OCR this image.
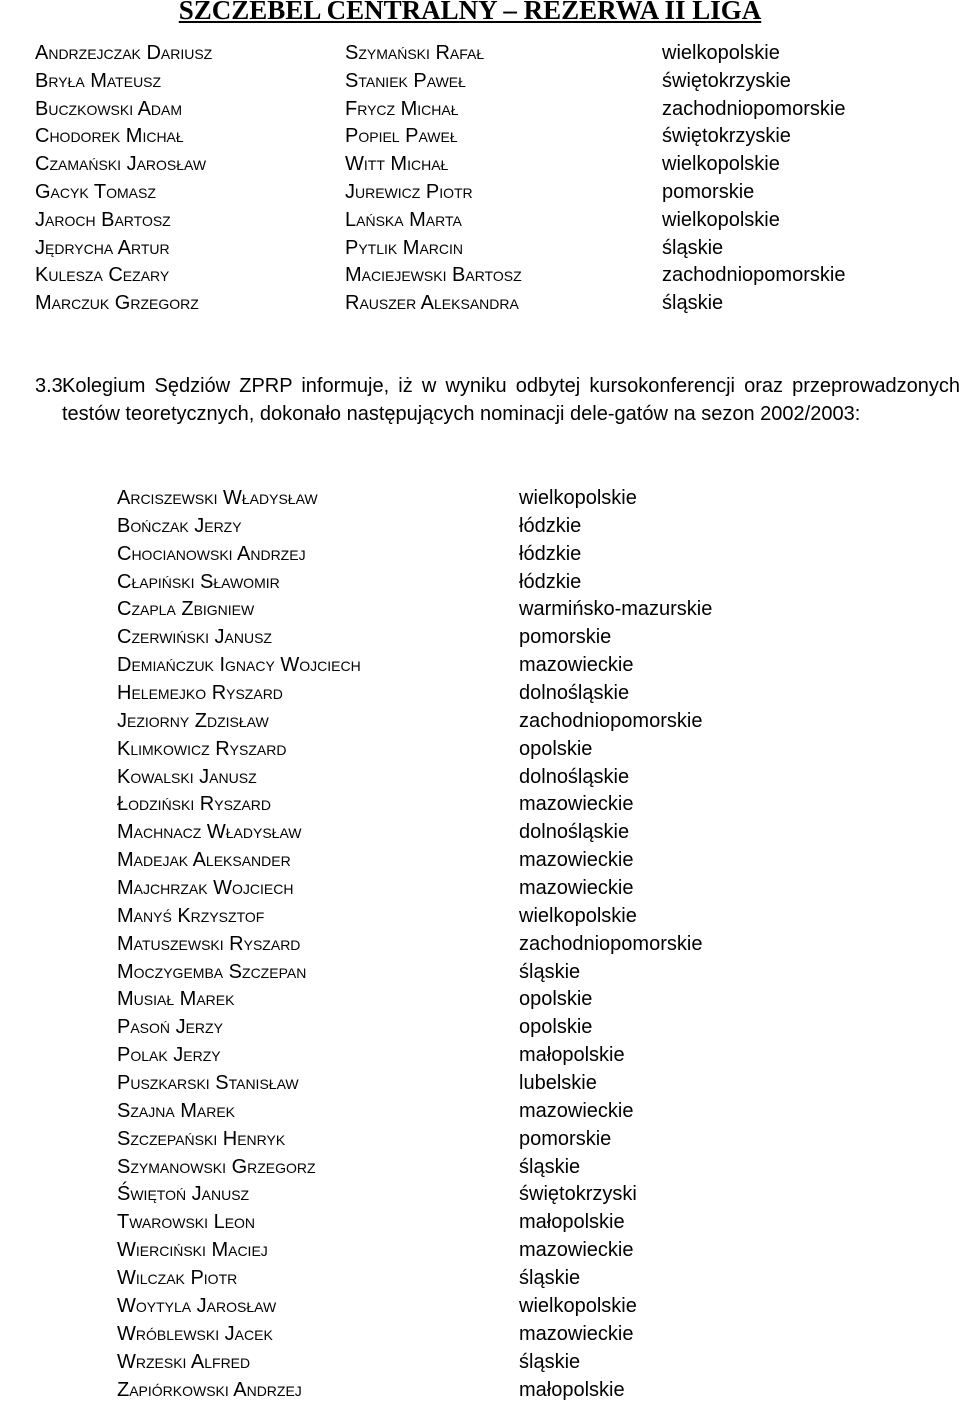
SZCZEBEL CENTRALNY – REZERWA II LIGA
Andrzejczak Dariusz	Szymański Rafał	wielkopolskie
Bryła Mateusz	Staniek Paweł	świętokrzyskie
Buczkowski Adam	Frycz Michał	zachodniopomorskie
Chodorek Michał	Popiel Paweł	świętokrzyskie
Czamański Jarosław	Witt Michał	wielkopolskie
Gacyk Tomasz	Jurewicz Piotr	pomorskie
Jaroch Bartosz	Lańska Marta	wielkopolskie
Jędrycha Artur	Pytlik Marcin	śląskie
Kulesza Cezary	Maciejewski Bartosz	zachodniopomorskie
Marczuk Grzegorz	Rauszer Aleksandra	śląskie

3.3.
Kolegium Sędziów ZPRP informuje, iż w wyniku odbytej kursokonferencji oraz przeprowadzonych testów teoretycznych, dokonało następujących nominacji dele-gatów na sezon 2002/2003:

Arciszewski Władysław	wielkopolskie
Bończak Jerzy	łódzkie
Chocianowski Andrzej	łódzkie
Cłapiński Sławomir	łódzkie
Czapla Zbigniew	warmińsko-mazurskie
Czerwiński Janusz	pomorskie
Demiańczuk Ignacy Wojciech	mazowieckie
Helemejko Ryszard	dolnośląskie
Jeziorny Zdzisław	zachodniopomorskie
Klimkowicz Ryszard	opolskie
Kowalski Janusz	dolnośląskie
Łodziński Ryszard	mazowieckie
Machnacz Władysław	dolnośląskie
Madejak Aleksander	mazowieckie
Majchrzak Wojciech	mazowieckie
Manyś Krzysztof	wielkopolskie
Matuszewski Ryszard	zachodniopomorskie
Moczygemba Szczepan	śląskie
Musiał Marek	opolskie
Pasoń Jerzy	opolskie
Polak Jerzy	małopolskie
Puszkarski Stanisław	lubelskie
Szajna Marek	mazowieckie
Szczepański Henryk	pomorskie
Szymanowski Grzegorz	śląskie
Świętoń Janusz	świętokrzyski
Twarowski Leon	małopolskie
Wierciński Maciej	mazowieckie
Wilczak Piotr	śląskie
Woytyla Jarosław	wielkopolskie
Wróblewski Jacek	mazowieckie
Wrzeski Alfred	śląskie
Zapiórkowski Andrzej	małopolskie
